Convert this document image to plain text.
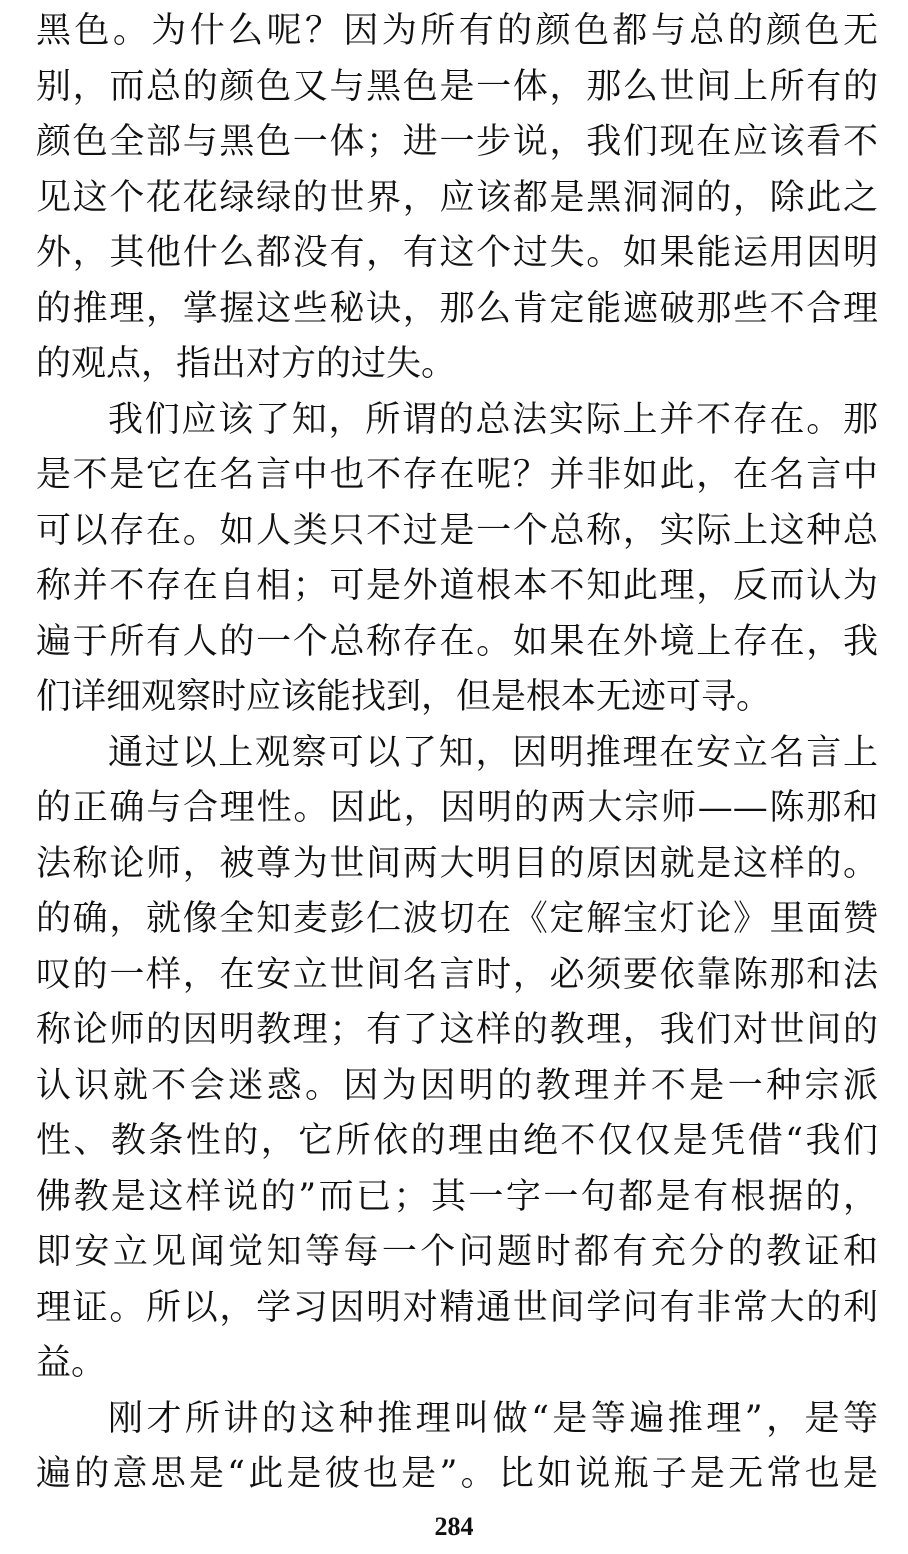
黑色。为什么呢？因为所有的颜色都与总的颜色无
别，而总的颜色又与黑色是一体，那么世间上所有的
颜色全部与黑色一体；进一步说，我们现在应该看不
见这个花花绿绿的世界，应该都是黑洞洞的，除此之
外，其他什么都没有，有这个过失。如果能运用因明
的推理，掌握这些秘诀，那么肯定能遮破那些不合理
的观点，指出对方的过失。
我们应该了知，所谓的总法实际上并不存在。那
是不是它在名言中也不存在呢？并非如此，在名言中
可以存在。如人类只不过是一个总称，实际上这种总
称并不存在自相；可是外道根本不知此理，反而认为
遍于所有人的一个总称存在。如果在外境上存在，我
们详细观察时应该能找到，但是根本无迹可寻。
通过以上观察可以了知，因明推理在安立名言上
的正确与合理性。因此，因明的两大宗师——陈那和
法称论师，被尊为世间两大明目的原因就是这样的。
的确，就像全知麦彭仁波切在《定解宝灯论》里面赞
叹的一样，在安立世间名言时，必须要依靠陈那和法
称论师的因明教理；有了这样的教理，我们对世间的
认识就不会迷惑。因为因明的教理并不是一种宗派
性、教条性的，它所依的理由绝不仅仅是凭借“我们
佛教是这样说的”而已；其一字一句都是有根据的，
即安立见闻觉知等每一个问题时都有充分的教证和
理证。所以，学习因明对精通世间学问有非常大的利
益。
刚才所讲的这种推理叫做“是等遍推理”，是等
遍的意思是“此是彼也是”。比如说瓶子是无常也是
284
